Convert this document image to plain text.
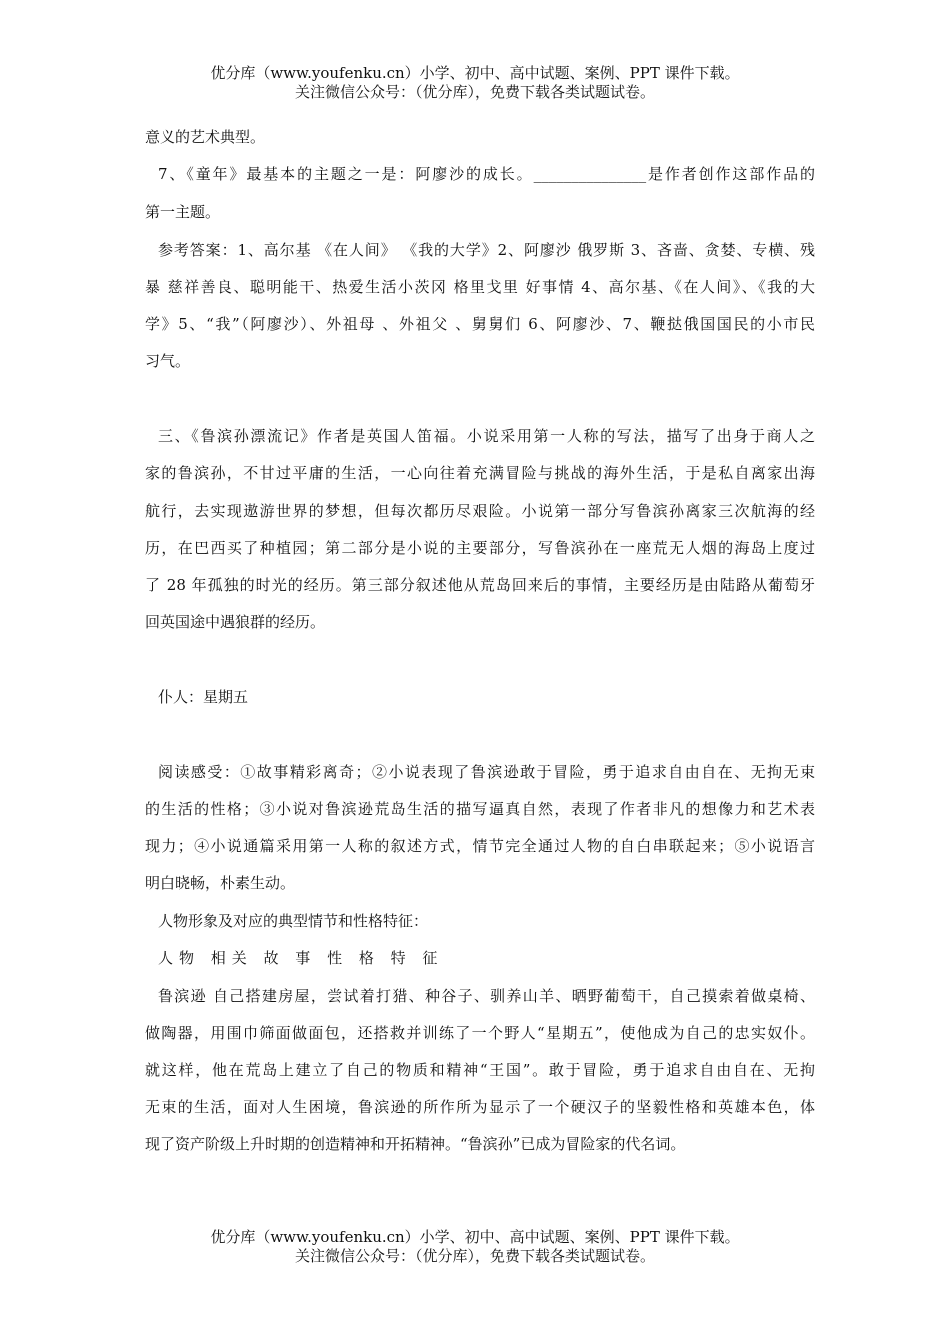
优分库（www.youfenku.cn）小学、初中、高中试题、案例、PPT 课件下载。
关注微信公众号：（优分库），免费下载各类试题试卷。
意义的艺术典型。
7、《童年》最基本的主题之一是：阿廖沙的成长。_______________是作者创作这部作品的
第一主题。
参考答案：1、高尔基 《在人间》 《我的大学》2、阿廖沙 俄罗斯 3、吝啬、贪婪、专横、残
暴 慈祥善良、聪明能干、热爱生活小茨冈 格里戈里 好事情 4、高尔基、《在人间》、《我的大
学》5、“我”（阿廖沙）、外祖母 、外祖父 、舅舅们 6、阿廖沙、7、鞭挞俄国国民的小市民
习气。
三、《鲁滨孙漂流记》作者是英国人笛福。小说采用第一人称的写法，描写了出身于商人之
家的鲁滨孙，不甘过平庸的生活，一心向往着充满冒险与挑战的海外生活，于是私自离家出海
航行，去实现遨游世界的梦想，但每次都历尽艰险。小说第一部分写鲁滨孙离家三次航海的经
历，在巴西买了种植园；第二部分是小说的主要部分，写鲁滨孙在一座荒无人烟的海岛上度过
了 28 年孤独的时光的经历。第三部分叙述他从荒岛回来后的事情，主要经历是由陆路从葡萄牙
回英国途中遇狼群的经历。
仆人：星期五
阅读感受：①故事精彩离奇；②小说表现了鲁滨逊敢于冒险，勇于追求自由自在、无拘无束
的生活的性格；③小说对鲁滨逊荒岛生活的描写逼真自然，表现了作者非凡的想像力和艺术表
现力；④小说通篇采用第一人称的叙述方式，情节完全通过人物的自白串联起来；⑤小说语言
明白晓畅，朴素生动。
人物形象及对应的典型情节和性格特征：
人物 相关 故 事 性 格 特 征
鲁滨逊 自己搭建房屋，尝试着打猎、种谷子、驯养山羊、晒野葡萄干，自己摸索着做桌椅、
做陶器，用围巾筛面做面包，还搭救并训练了一个野人“星期五”，使他成为自己的忠实奴仆。
就这样，他在荒岛上建立了自己的物质和精神“王国”。敢于冒险，勇于追求自由自在、无拘
无束的生活，面对人生困境，鲁滨逊的所作所为显示了一个硬汉子的坚毅性格和英雄本色，体
现了资产阶级上升时期的创造精神和开拓精神。“鲁滨孙”已成为冒险家的代名词。
优分库（www.youfenku.cn）小学、初中、高中试题、案例、PPT 课件下载。
关注微信公众号：（优分库），免费下载各类试题试卷。
